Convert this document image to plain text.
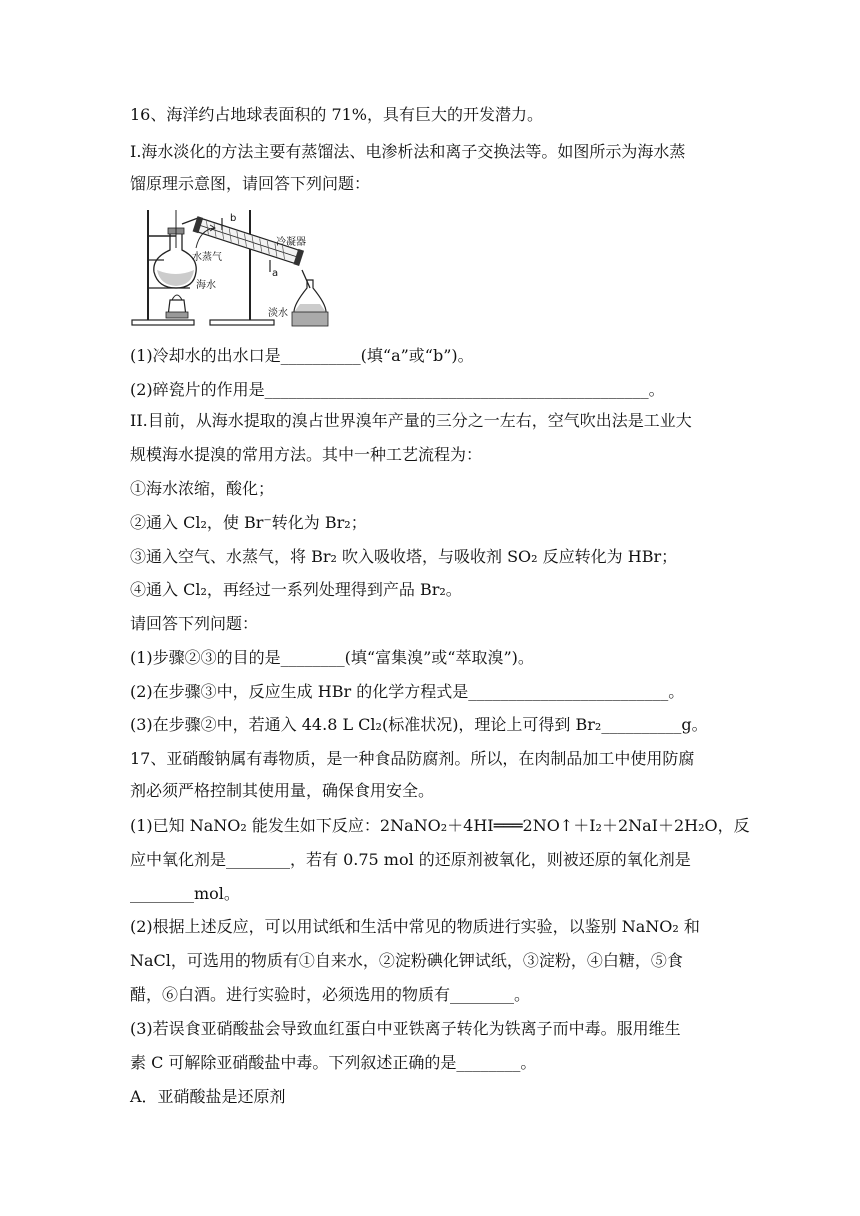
16、海洋约占地球表面积的 71%，具有巨大的开发潜力。
I.海水淡化的方法主要有蒸馏法、电渗析法和离子交换法等。如图所示为海水蒸
馏原理示意图，请回答下列问题：
b
冷凝器
水蒸气
a
海水
淡水
(1)冷却水的出水口是__________(填“a”或“b”)。
(2)碎瓷片的作用是________________________________________________。
II.目前，从海水提取的溴占世界溴年产量的三分之一左右，空气吹出法是工业大
规模海水提溴的常用方法。其中一种工艺流程为：
①海水浓缩，酸化；
②通入 Cl₂，使 Br⁻转化为 Br₂；
③通入空气、水蒸气，将 Br₂ 吹入吸收塔，与吸收剂 SO₂ 反应转化为 HBr；
④通入 Cl₂，再经过一系列处理得到产品 Br₂。
请回答下列问题：
(1)步骤②③的目的是________(填“富集溴”或“萃取溴”)。
(2)在步骤③中，反应生成 HBr 的化学方程式是_________________________。
(3)在步骤②中，若通入 44.8 L Cl₂(标准状况)，理论上可得到 Br₂__________g。
17、亚硝酸钠属有毒物质，是一种食品防腐剂。所以，在肉制品加工中使用防腐
剂必须严格控制其使用量，确保食用安全。
(1)已知 NaNO₂ 能发生如下反应：2NaNO₂＋4HI═══2NO↑＋I₂＋2NaI＋2H₂O，反
应中氧化剂是________，若有 0.75 mol 的还原剂被氧化，则被还原的氧化剂是
________mol。
(2)根据上述反应，可以用试纸和生活中常见的物质进行实验，以鉴别 NaNO₂ 和
NaCl，可选用的物质有①自来水，②淀粉碘化钾试纸，③淀粉，④白糖，⑤食
醋，⑥白酒。进行实验时，必须选用的物质有________。
(3)若误食亚硝酸盐会导致血红蛋白中亚铁离子转化为铁离子而中毒。服用维生
素 C 可解除亚硝酸盐中毒。下列叙述正确的是________。
A．亚硝酸盐是还原剂
